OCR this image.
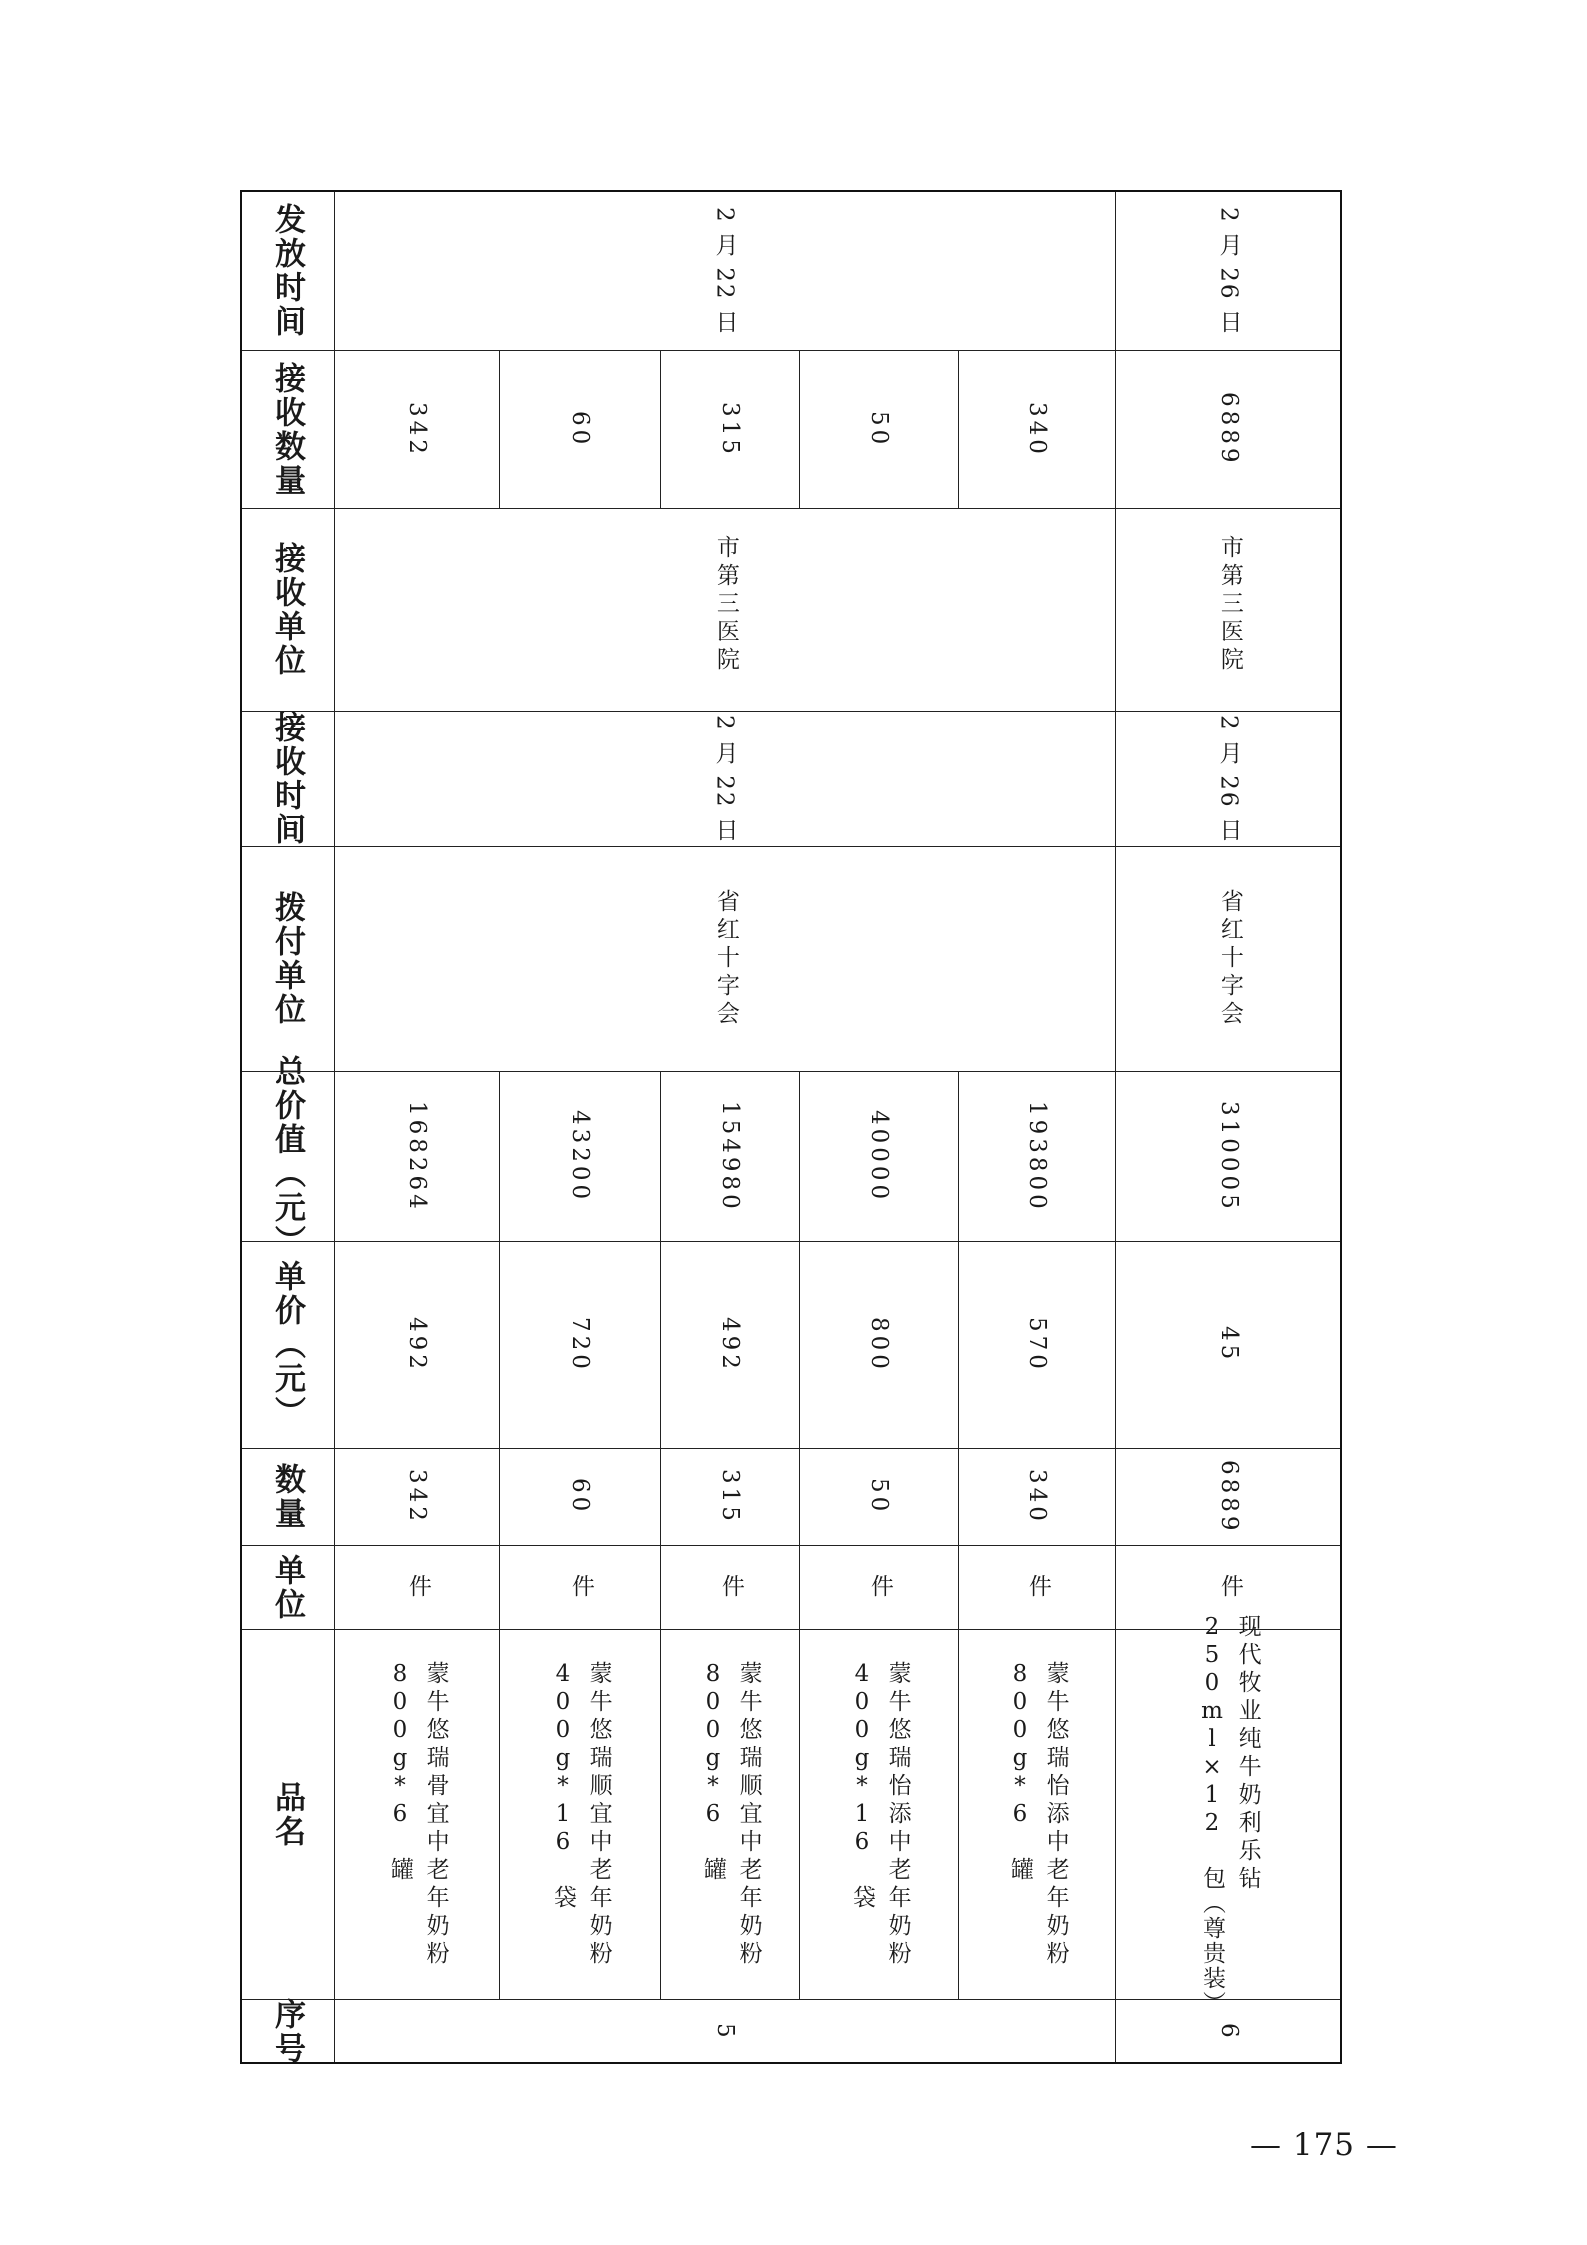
发放时间
接收数量
接收单位
接收时间
拨付单位
总价值（元）
单价（元）
数量
单位
品名
序号
2 月 22 日
市第三医院
2 月 22 日
省红十字会
5
2 月 26 日
市第三医院
2 月 26 日
省红十字会
6
342
168264
492
342
件
蒙牛悠瑞骨宜中老年奶粉
800g*6 罐
60
43200
720
60
件
蒙牛悠瑞顺宜中老年奶粉
400g*16 袋
315
154980
492
315
件
蒙牛悠瑞顺宜中老年奶粉
800g*6 罐
50
40000
800
50
件
蒙牛悠瑞怡添中老年奶粉
400g*16 袋
340
193800
570
340
件
蒙牛悠瑞怡添中老年奶粉
800g*6 罐
6889
310005
45
6889
件
现代牧业纯牛奶利乐钻
250ml×12 包（尊贵装）
— 175 —
